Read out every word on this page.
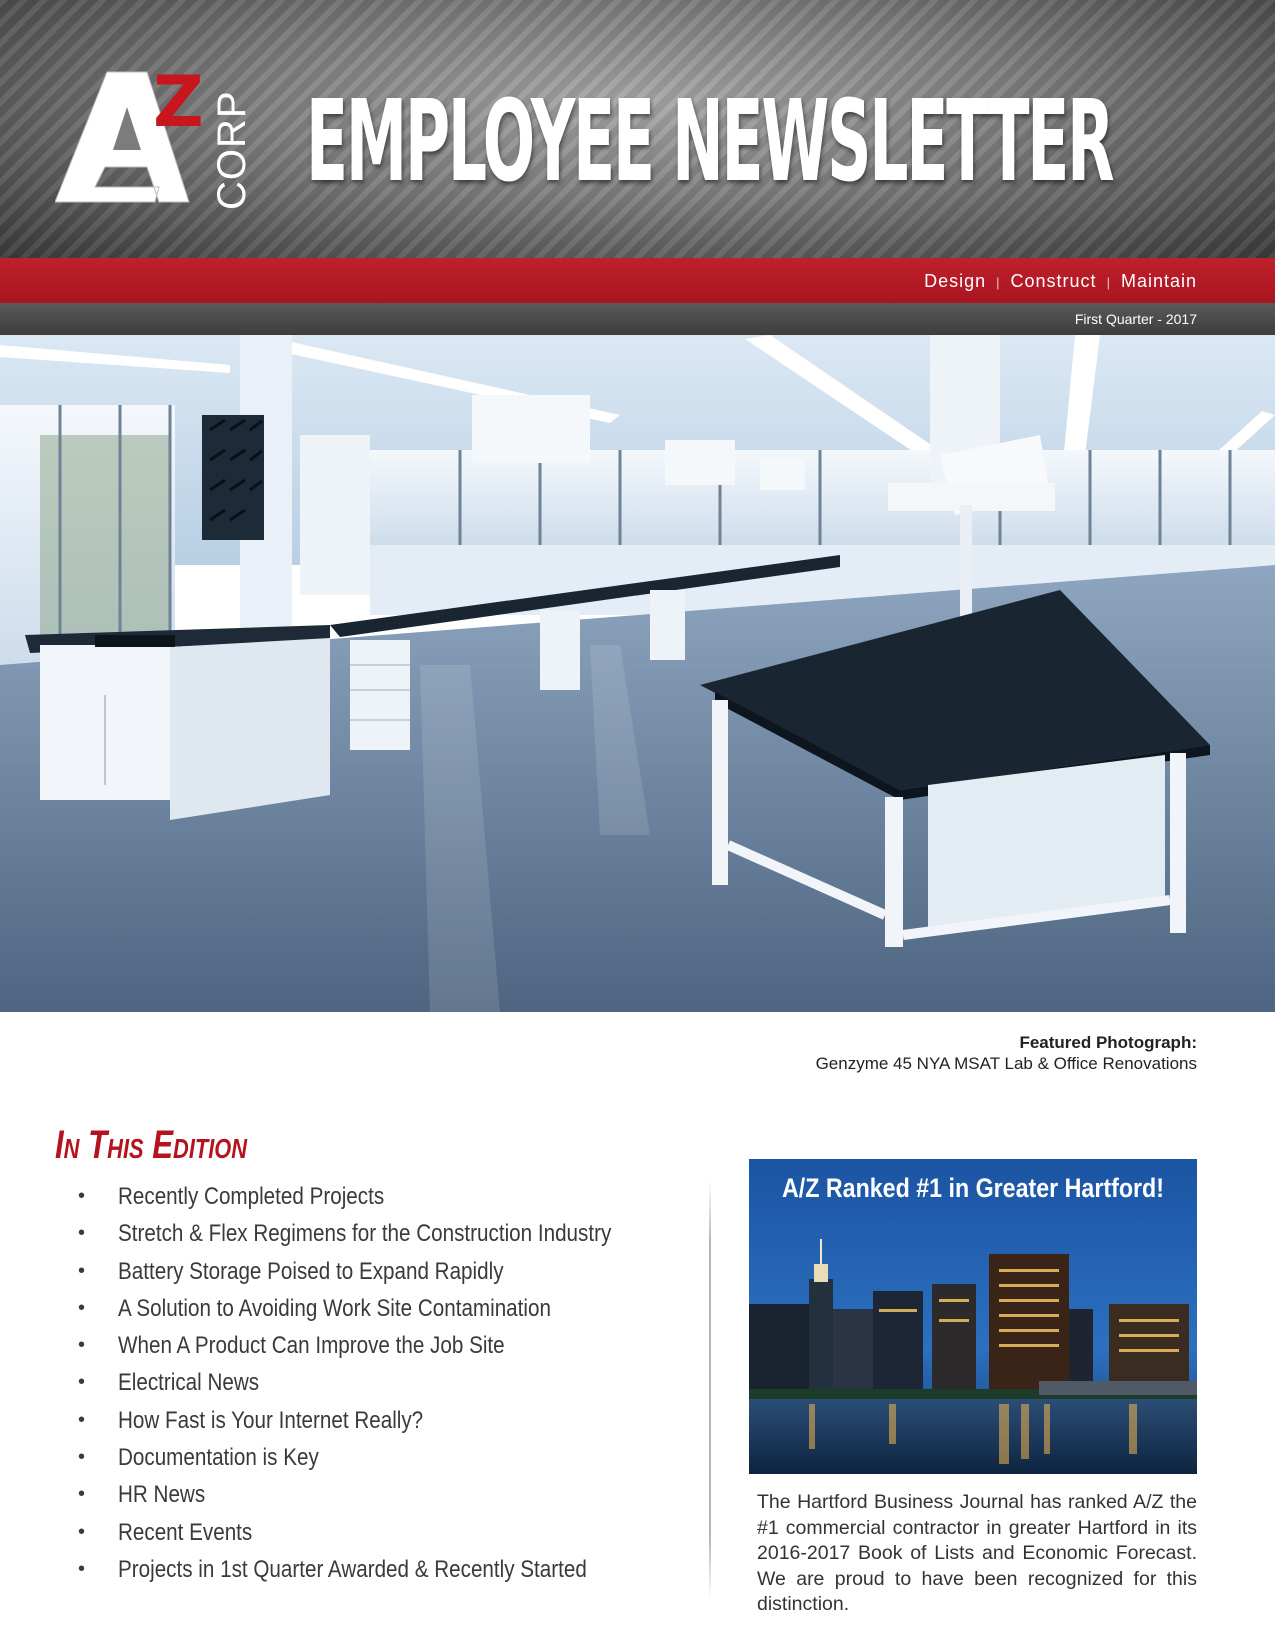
A
Z CORP EMPLOYEE NEWSLETTER
Design | Construct | Maintain
First Quarter - 2017
Featured Photograph:
Genzyme 45 NYA MSAT Lab & Office Renovations
In This Edition
• Recently Completed Projects
• Stretch & Flex Regimens for the Construction Industry
• Battery Storage Poised to Expand Rapidly
• A Solution to Avoiding Work Site Contamination
• When A Product Can Improve the Job Site
• Electrical News
• How Fast is Your Internet Really?
• Documentation is Key
• HR News
• Recent Events
• Projects in 1st Quarter Awarded & Recently Started
A/Z Ranked #1 in Greater Hartford!
The Hartford Business Journal has ranked A/Z the #1 commercial contractor in greater Hartford in its 2016-2017 Book of Lists and Economic Forecast. We are proud to have been recognized for this distinction.
